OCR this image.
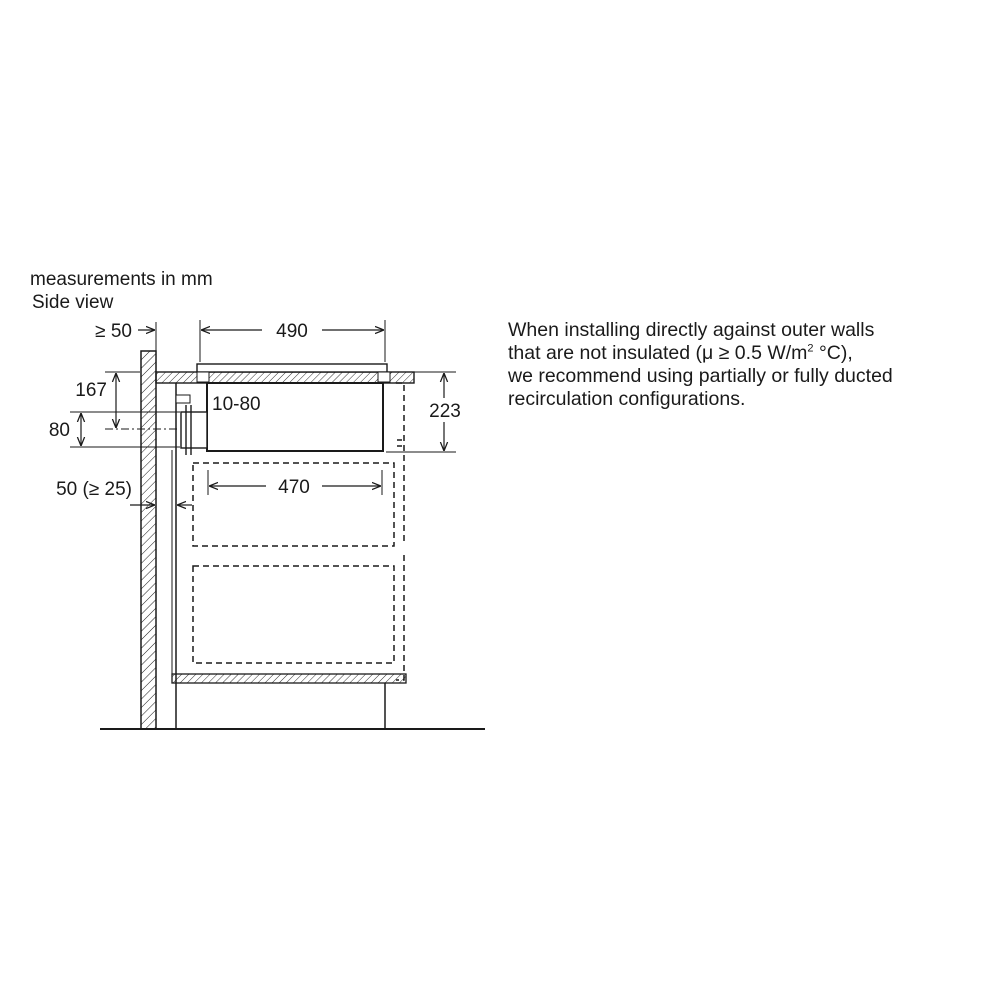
≥ 50	490
167
80
10-80	223
470
50 (≥ 25)
measurements in mm
Side view
When installing directly against outer walls
that are not insulated (μ ≥ 0.5 $W/m^2$ °C),
we recommend using partially or fully ducted
recirculation configurations.
